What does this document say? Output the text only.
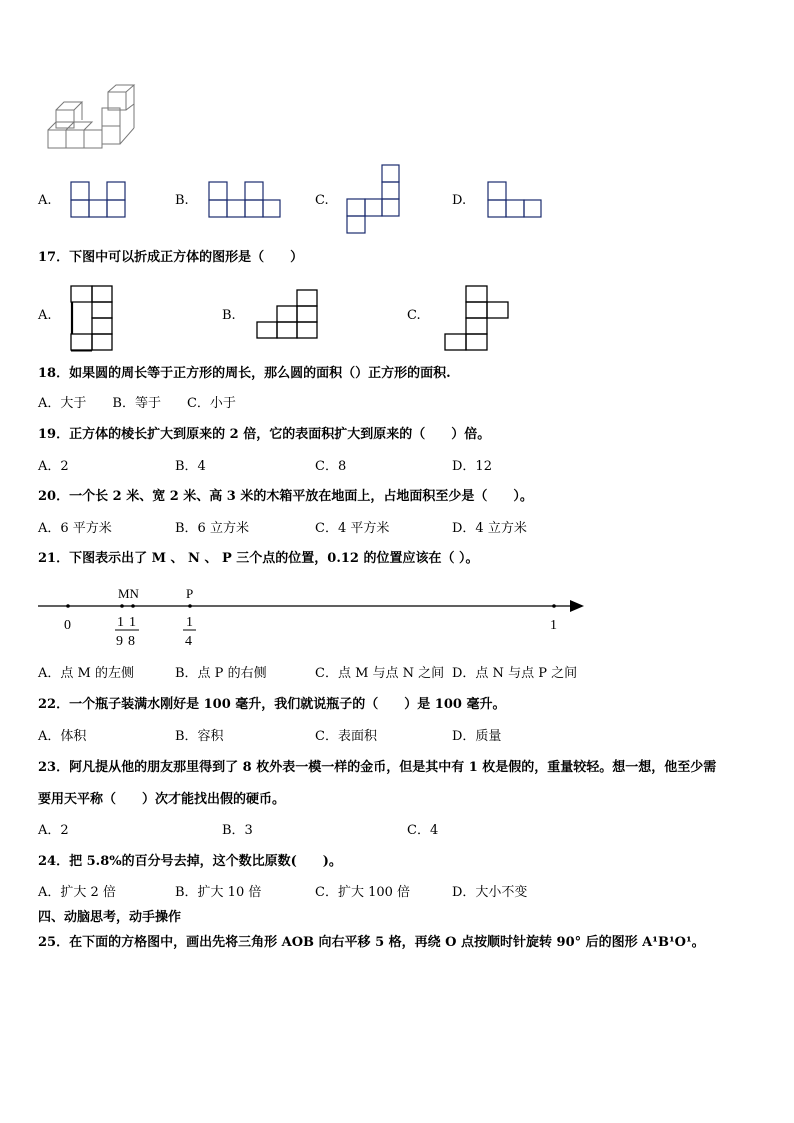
A.	B.	C.	D.
17．下图中可以折成正方体的图形是（　　）
A.	B.	C.
18．如果圆的周长等于正方形的周长，那么圆的面积（）正方形的面积.
A．大于　　B．等于　　C．小于
19．正方体的棱长扩大到原来的 2 倍，它的表面积扩大到原来的（　　）倍。
A．2	B．4	C．8	D．12
20．一个长 2 米、宽 2 米、高 3 米的木箱平放在地面上，占地面积至少是（　　）。
A．6 平方米	B．6 立方米	C．4 平方米	D．4 立方米
21．下图表示出了 M 、 N 、 P 三个点的位置，0.12 的位置应该在（ ）。
MN	P
0	1
1
9
1
8
1
4
A．点 M 的左侧	B．点 P 的右侧	C．点 M 与点 N 之间 D．点 N 与点 P 之间
22．一个瓶子装满水刚好是 100 毫升，我们就说瓶子的（　　）是 100 毫升。
A．体积	B．容积	C．表面积	D．质量
23．阿凡提从他的朋友那里得到了 8 枚外表一模一样的金币，但是其中有 1 枚是假的，重量较轻。想一想，他至少需
要用天平称（　　）次才能找出假的硬币。
A．2	B．3	C．4
24．把 5.8%的百分号去掉，这个数比原数(　　)。
A．扩大 2 倍	B．扩大 10 倍	C．扩大 100 倍	D．大小不变
四、动脑思考，动手操作
25．在下面的方格图中，画出先将三角形 AOB 向右平移 5 格，再绕 O 点按顺时针旋转 90° 后的图形 A¹B¹O¹。
